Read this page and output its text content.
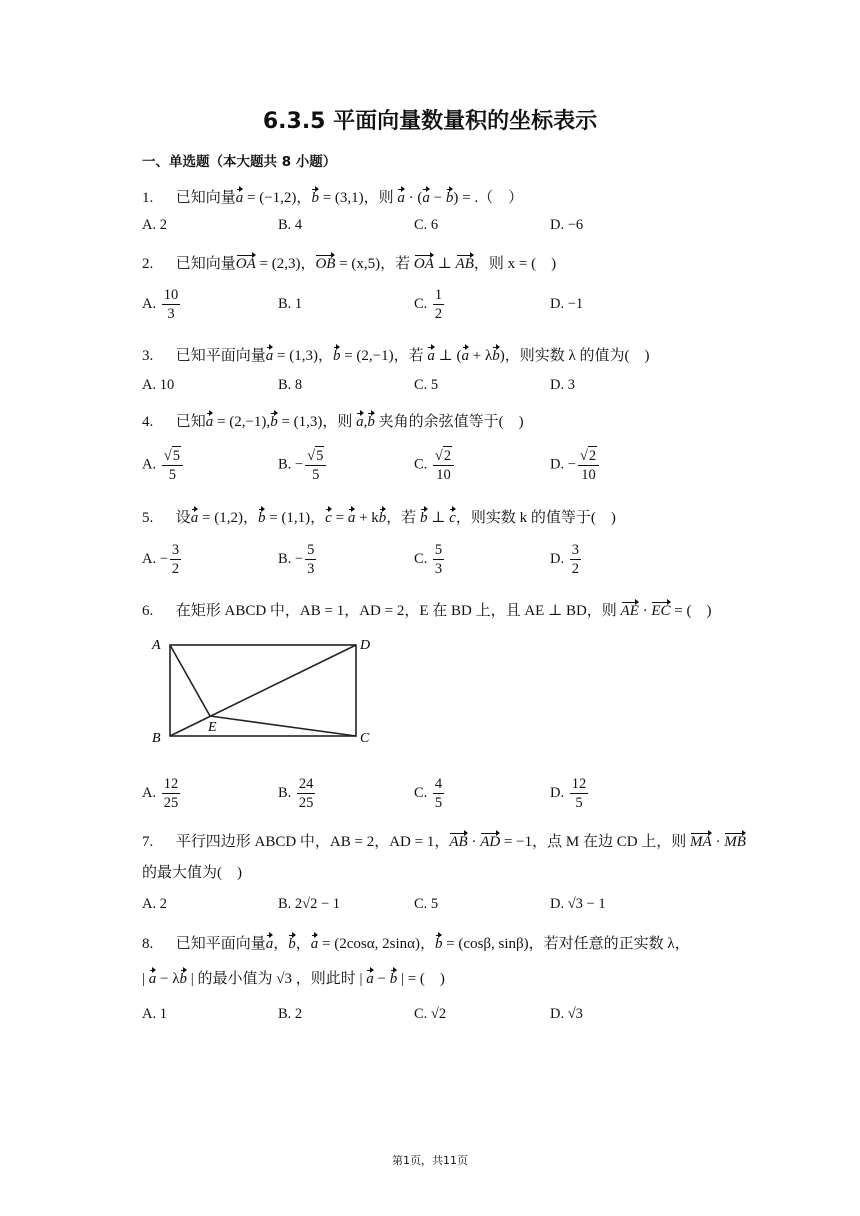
6.3.5 平面向量数量积的坐标表示
一、单选题（本大题共 8 小题）
1. 已知向量a = (−1,2)，b = (3,1)，则 a · (a − b) = .（　）
A. 2	B. 4	C. 6	D. −6
2. 已知向量OA = (2,3)，OB = (x,5)，若 OA ⊥ AB，则 x = (　)
A. $\frac{10}{3}$	B. 1	C. $\frac{1}{2}$	D. −1
3. 已知平面向量a = (1,3)，b = (2,−1)，若 a ⊥ (a + λb)，则实数 λ 的值为(　)
A. 10	B. 8	C. 5	D. 3
4. 已知a = (2,−1),b = (1,3)，则 a,b 夹角的余弦值等于(　)
A. √ $\frac{5}{5}$	B. − √ $\frac{5}{5}$	C. √ $\frac{2}{10}$	D. − √ $\frac{2}{10}$
5. 设a = (1,2)，b = (1,1)，c = a + kb，若 b ⊥ c，则实数 k 的值等于(　)
A. − $\frac{3}{2}$	B. − $\frac{5}{3}$	C. $\frac{5}{3}$	D. $\frac{3}{2}$
6. 在矩形 ABCD 中，AB = 1，AD = 2，E 在 BD 上，且 AE ⊥ BD，则 AE · EC = (　)
A	D
B	C
E
A. $\frac{12}{25}$	B. $\frac{24}{25}$	C. $\frac{4}{5}$	D. $\frac{12}{5}$
7. 平行四边形 ABCD 中，AB = 2，AD = 1，AB · AD = −1，点 M 在边 CD 上，则 MA · MB
的最大值为(　)
A. 2	B. 2√2 − 1	C. 5	D. √3 − 1
8. 已知平面向量a，b，a = (2cosα, 2sinα)，b = (cosβ, sinβ)，若对任意的正实数 λ，
| a − λb | 的最小值为 √3 ，则此时 | a − b | = (　)
A. 1	B. 2	C. √2	D. √3
第1页，共11页
